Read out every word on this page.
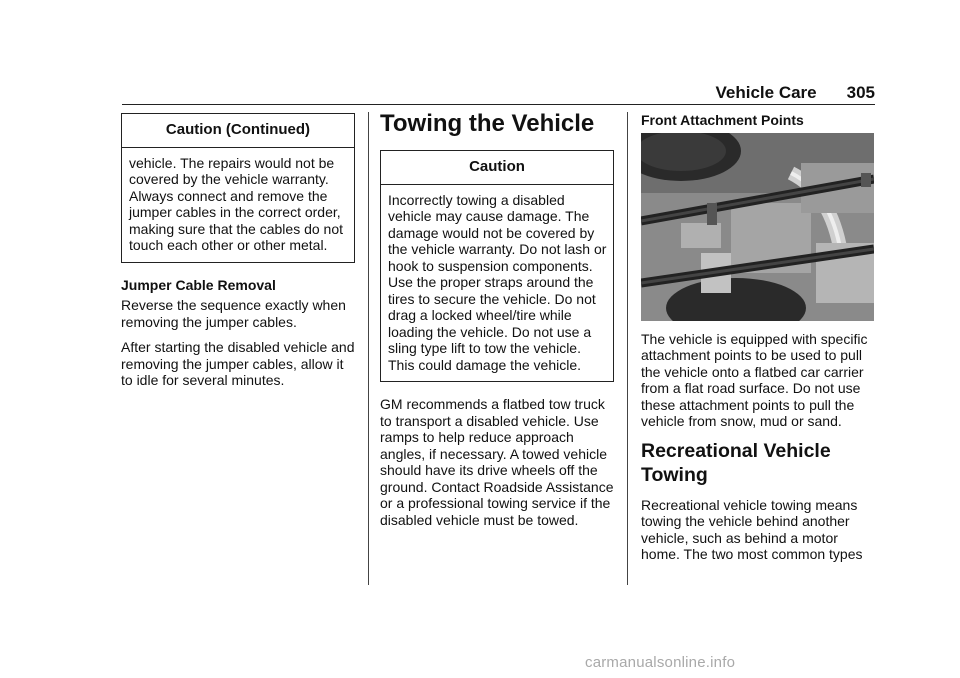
Vehicle Care 305
Caution (Continued)
vehicle. The repairs would not be covered by the vehicle warranty. Always connect and remove the jumper cables in the correct order, making sure that the cables do not touch each other or other metal.

Jumper Cable Removal

Reverse the sequence exactly when removing the jumper cables.

After starting the disabled vehicle and removing the jumper cables, allow it to idle for several minutes.

Towing the Vehicle
Caution
Incorrectly towing a disabled vehicle may cause damage. The damage would not be covered by the vehicle warranty. Do not lash or hook to suspension components. Use the proper straps around the tires to secure the vehicle. Do not drag a locked wheel/tire while loading the vehicle. Do not use a sling type lift to tow the vehicle. This could damage the vehicle.

GM recommends a flatbed tow truck to transport a disabled vehicle. Use ramps to help reduce approach angles, if necessary. A towed vehicle should have its drive wheels off the ground. Contact Roadside Assistance or a professional towing service if the disabled vehicle must be towed.

Front Attachment Points

The vehicle is equipped with specific attachment points to be used to pull the vehicle onto a flatbed car carrier from a flat road surface. Do not use these attachment points to pull the vehicle from snow, mud or sand.

Recreational Vehicle Towing

Recreational vehicle towing means towing the vehicle behind another vehicle, such as behind a motor home. The two most common types

carmanualsonline.info
